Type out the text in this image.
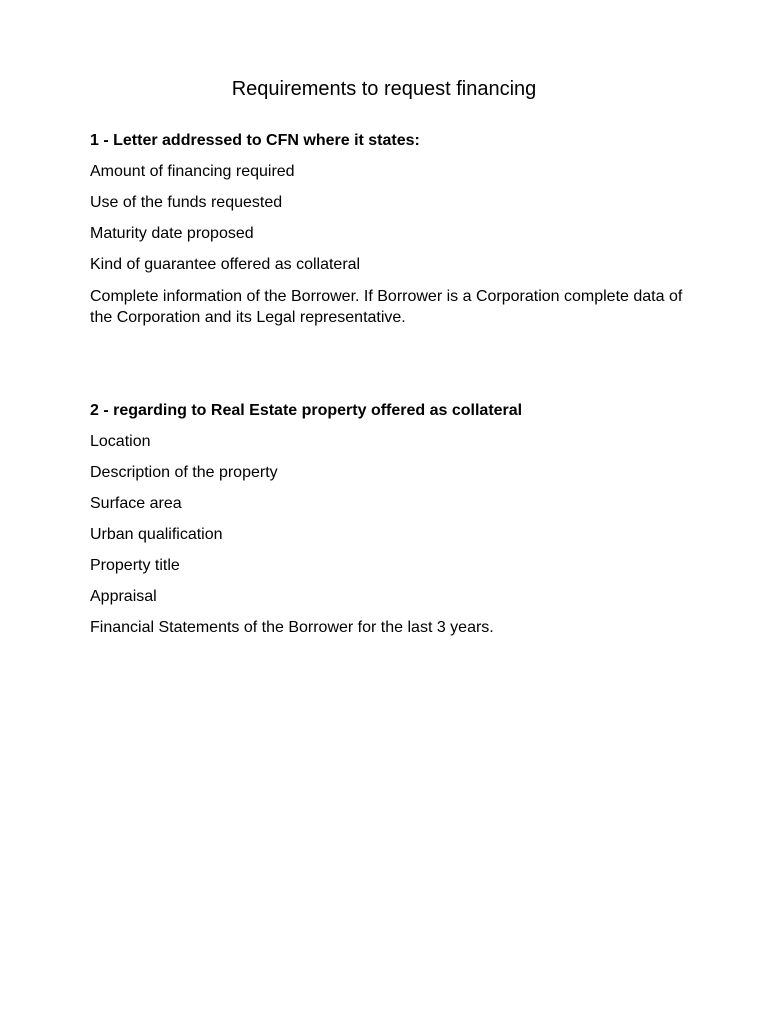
Requirements to request financing

1 - Letter addressed to CFN where it states:

Amount of financing required

Use of the funds requested

Maturity date proposed

Kind of guarantee offered as collateral

Complete information of the Borrower. If Borrower is a Corporation complete data of the Corporation and its Legal representative.

2 - regarding to Real Estate property offered as collateral

Location

Description of the property

Surface area

Urban qualification

Property title

Appraisal

Financial Statements of the Borrower for the last 3 years.
